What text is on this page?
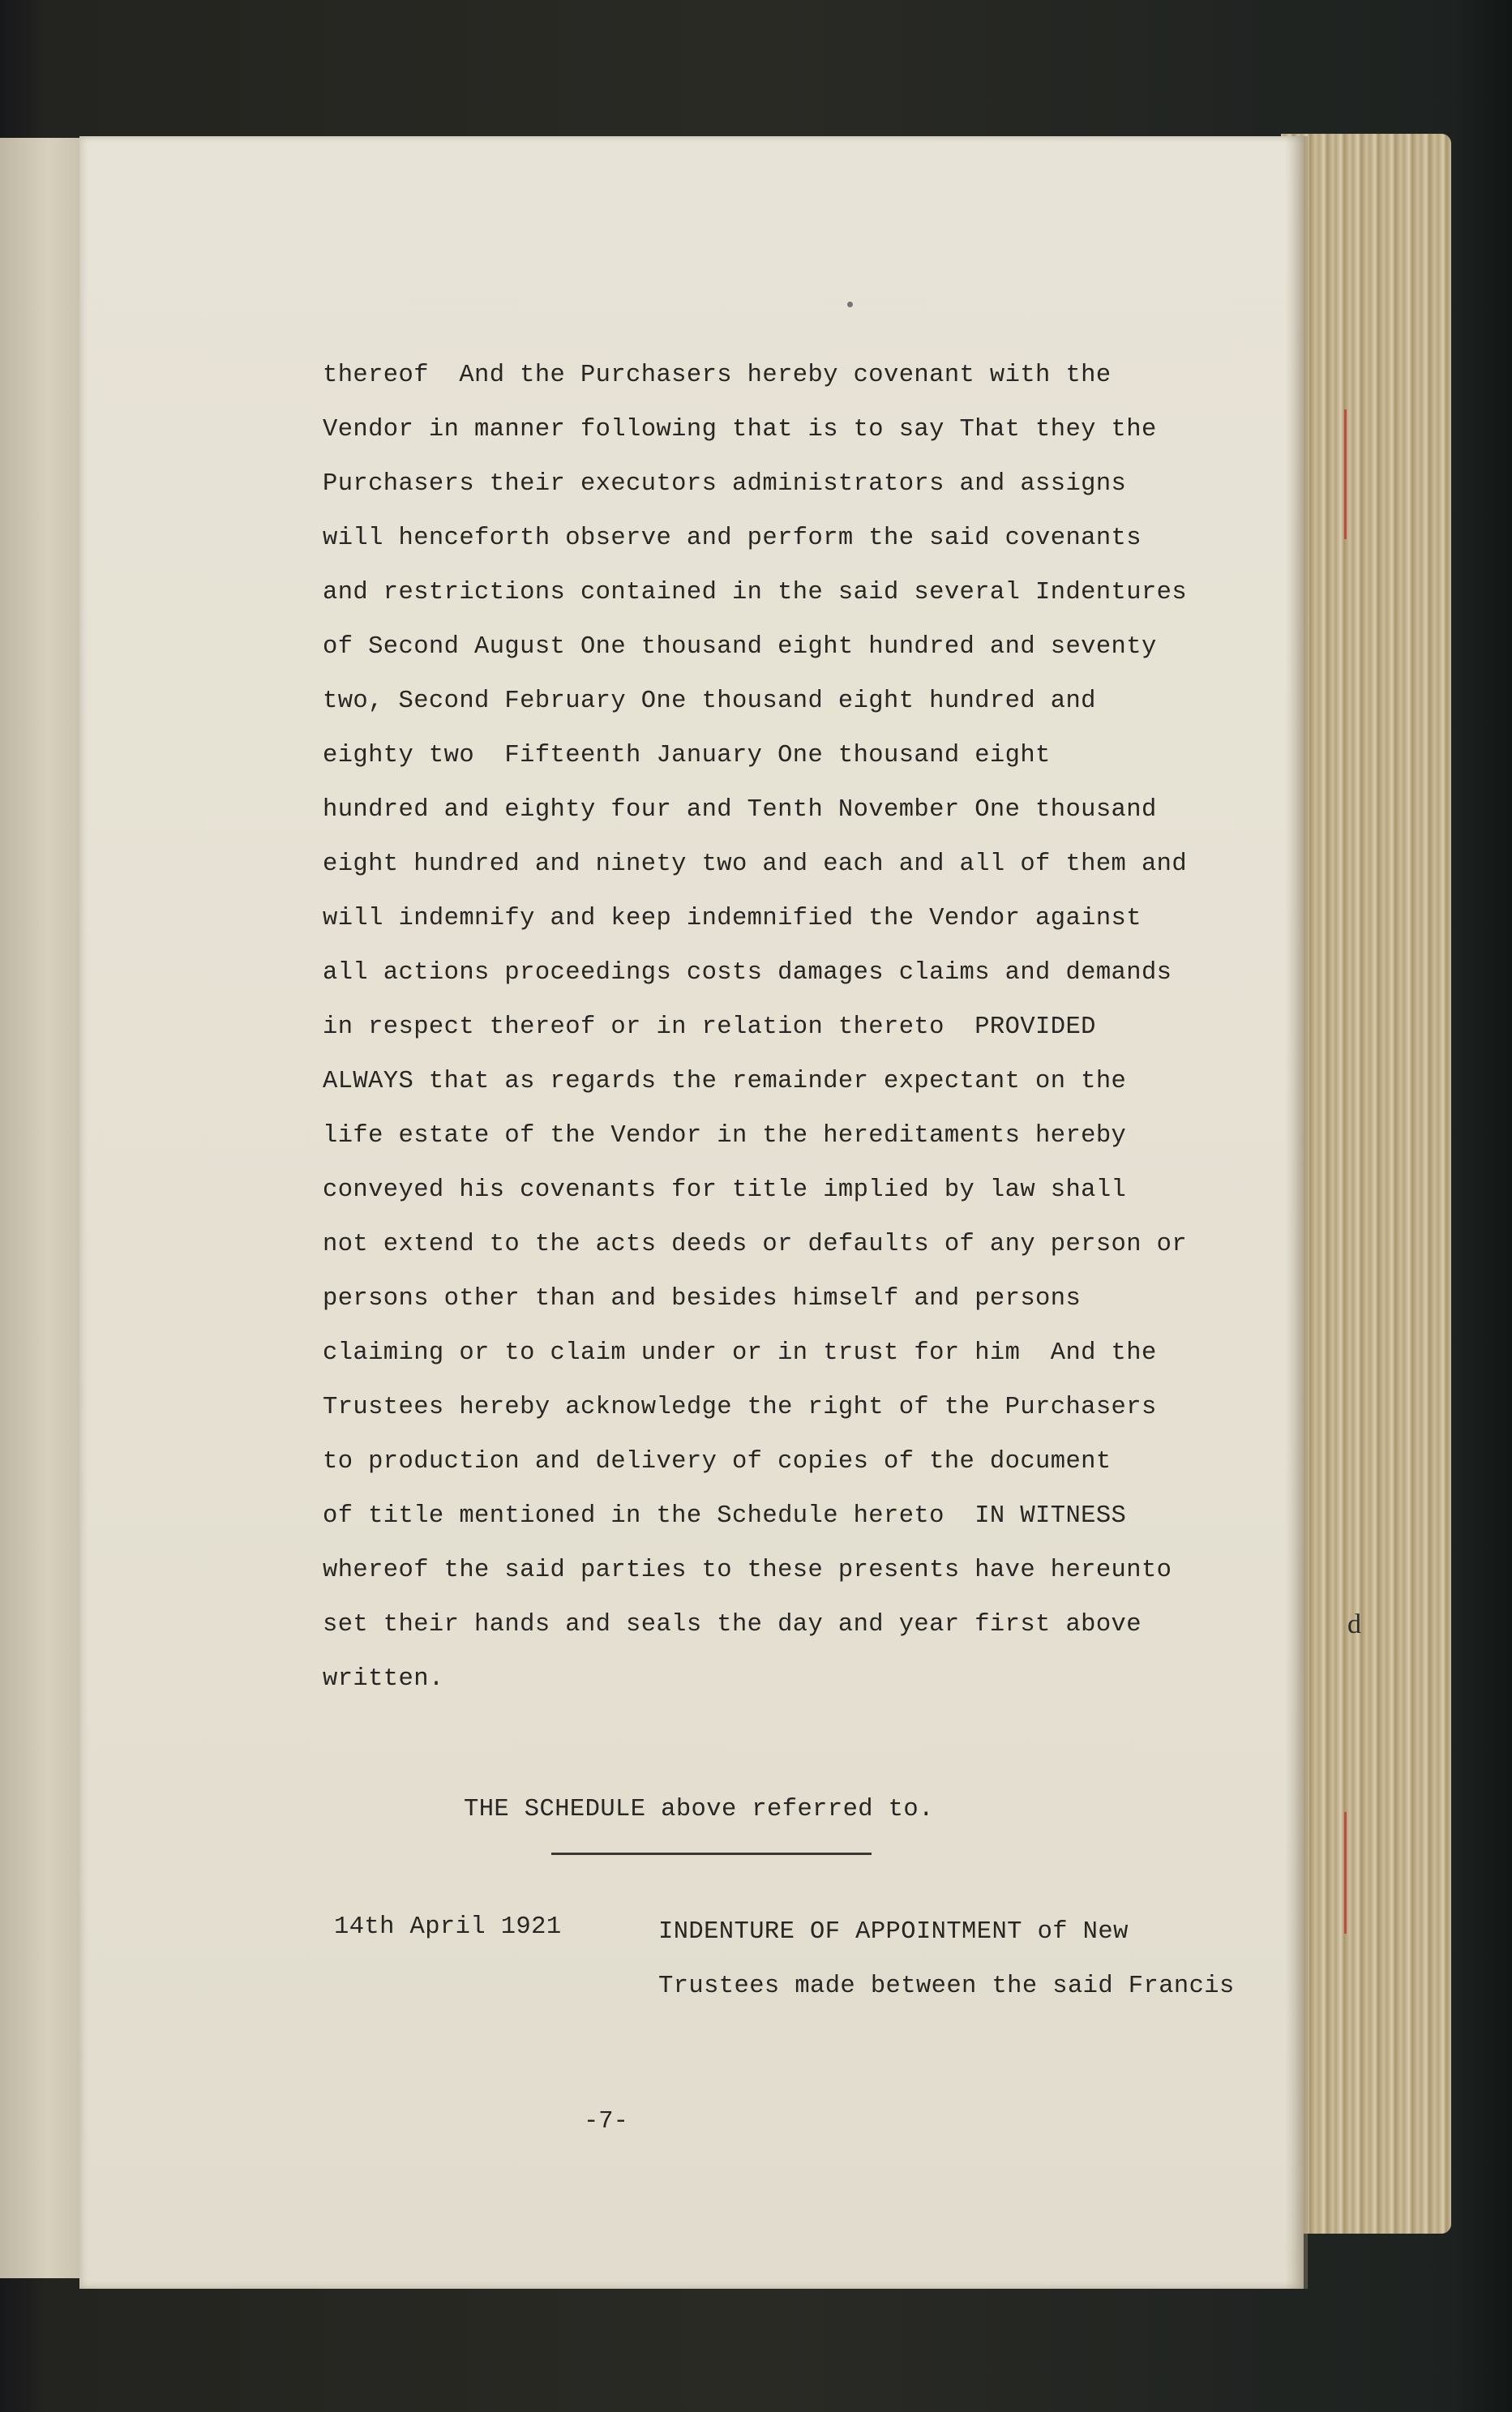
d
thereof  And the Purchasers hereby covenant with the
Vendor in manner following that is to say That they the
Purchasers their executors administrators and assigns
will henceforth observe and perform the said covenants
and restrictions contained in the said several Indentures
of Second August One thousand eight hundred and seventy
two, Second February One thousand eight hundred and
eighty two  Fifteenth January One thousand eight
hundred and eighty four and Tenth November One thousand
eight hundred and ninety two and each and all of them and
will indemnify and keep indemnified the Vendor against
all actions proceedings costs damages claims and demands
in respect thereof or in relation thereto  PROVIDED
ALWAYS that as regards the remainder expectant on the
life estate of the Vendor in the hereditaments hereby
conveyed his covenants for title implied by law shall
not extend to the acts deeds or defaults of any person or
persons other than and besides himself and persons
claiming or to claim under or in trust for him  And the
Trustees hereby acknowledge the right of the Purchasers
to production and delivery of copies of the document
of title mentioned in the Schedule hereto  IN WITNESS
whereof the said parties to these presents have hereunto
set their hands and seals the day and year first above
written.
THE SCHEDULE above referred to.
14th April 1921	INDENTURE OF APPOINTMENT of New
Trustees made between the said Francis
-7-
